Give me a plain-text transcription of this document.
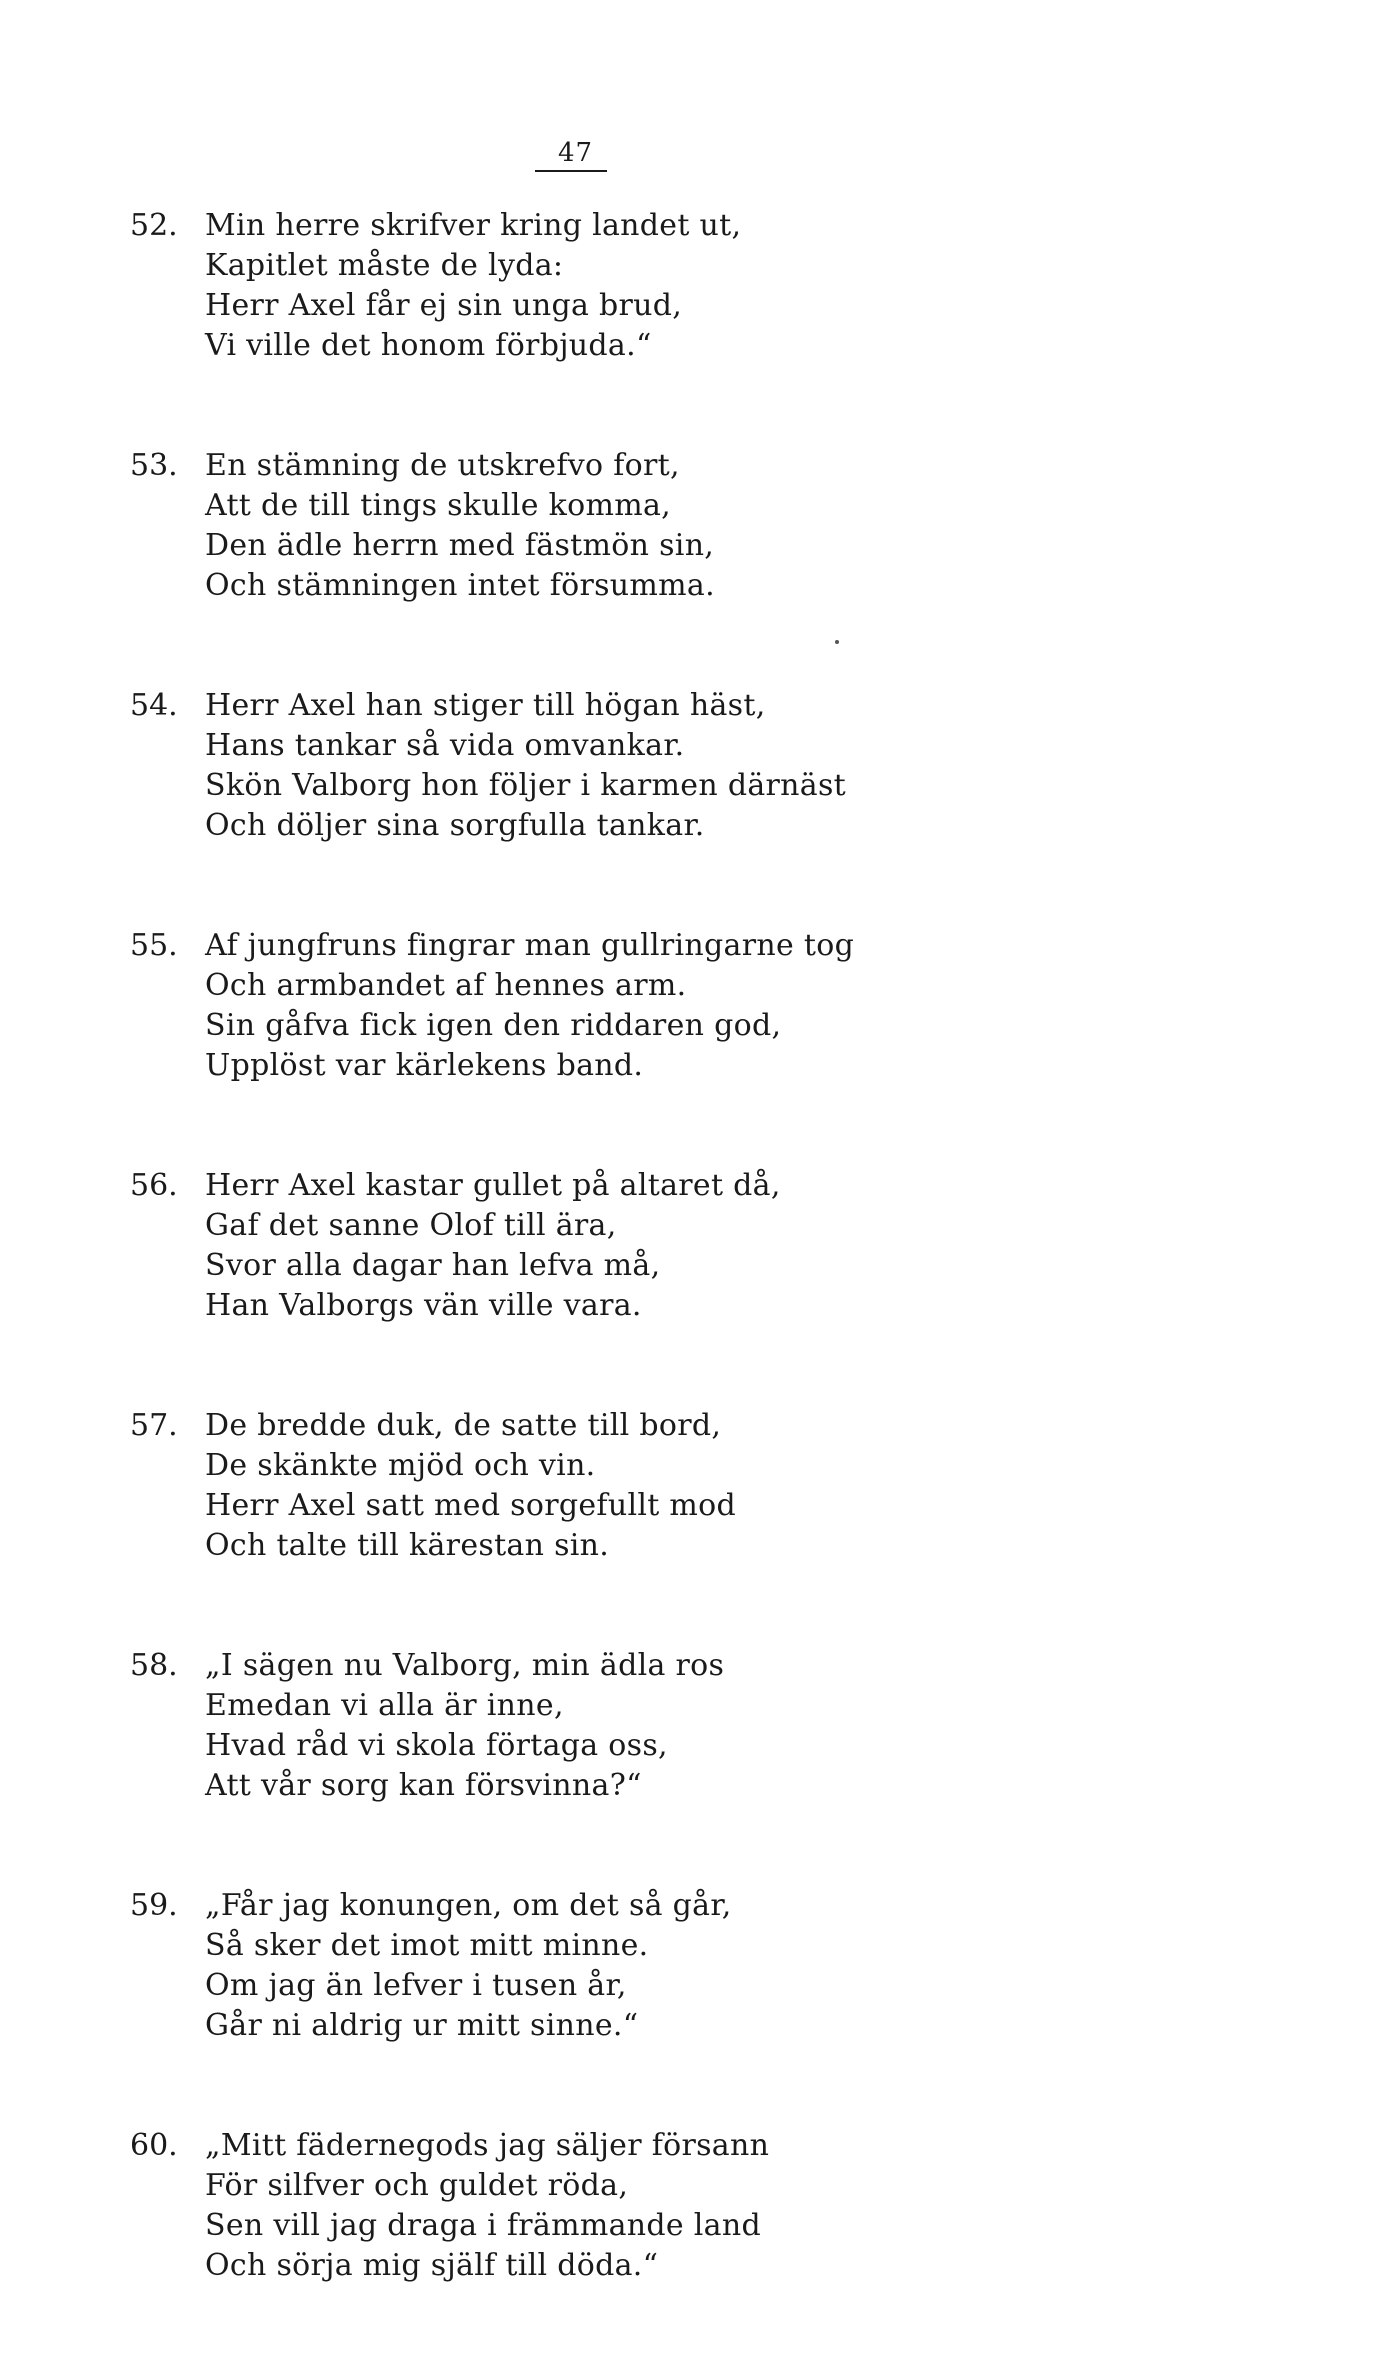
47
52. Min herre skrifver kring landet ut,
Kapitlet måste de lyda:
Herr Axel får ej sin unga brud,
Vi ville det honom förbjuda.“
53. En stämning de utskrefvo fort,
Att de till tings skulle komma,
Den ädle herrn med fästmön sin,
Och stämningen intet försumma.
54. Herr Axel han stiger till högan häst,
Hans tankar så vida omvankar.
Skön Valborg hon följer i karmen därnäst
Och döljer sina sorgfulla tankar.
55. Af jungfruns fingrar man gullringarne tog
Och armbandet af hennes arm.
Sin gåfva fick igen den riddaren god,
Upplöst var kärlekens band.
56. Herr Axel kastar gullet på altaret då,
Gaf det sanne Olof till ära,
Svor alla dagar han lefva må,
Han Valborgs vän ville vara.
57. De bredde duk, de satte till bord,
De skänkte mjöd och vin.
Herr Axel satt med sorgefullt mod
Och talte till kärestan sin.
58. „I sägen nu Valborg, min ädla ros
Emedan vi alla är inne,
Hvad råd vi skola förtaga oss,
Att vår sorg kan försvinna?“
59. „Får jag konungen, om det så går,
Så sker det imot mitt minne.
Om jag än lefver i tusen år,
Går ni aldrig ur mitt sinne.“
60. „Mitt fädernegods jag säljer försann
För silfver och guldet röda,
Sen vill jag draga i främmande land
Och sörja mig själf till döda.“
